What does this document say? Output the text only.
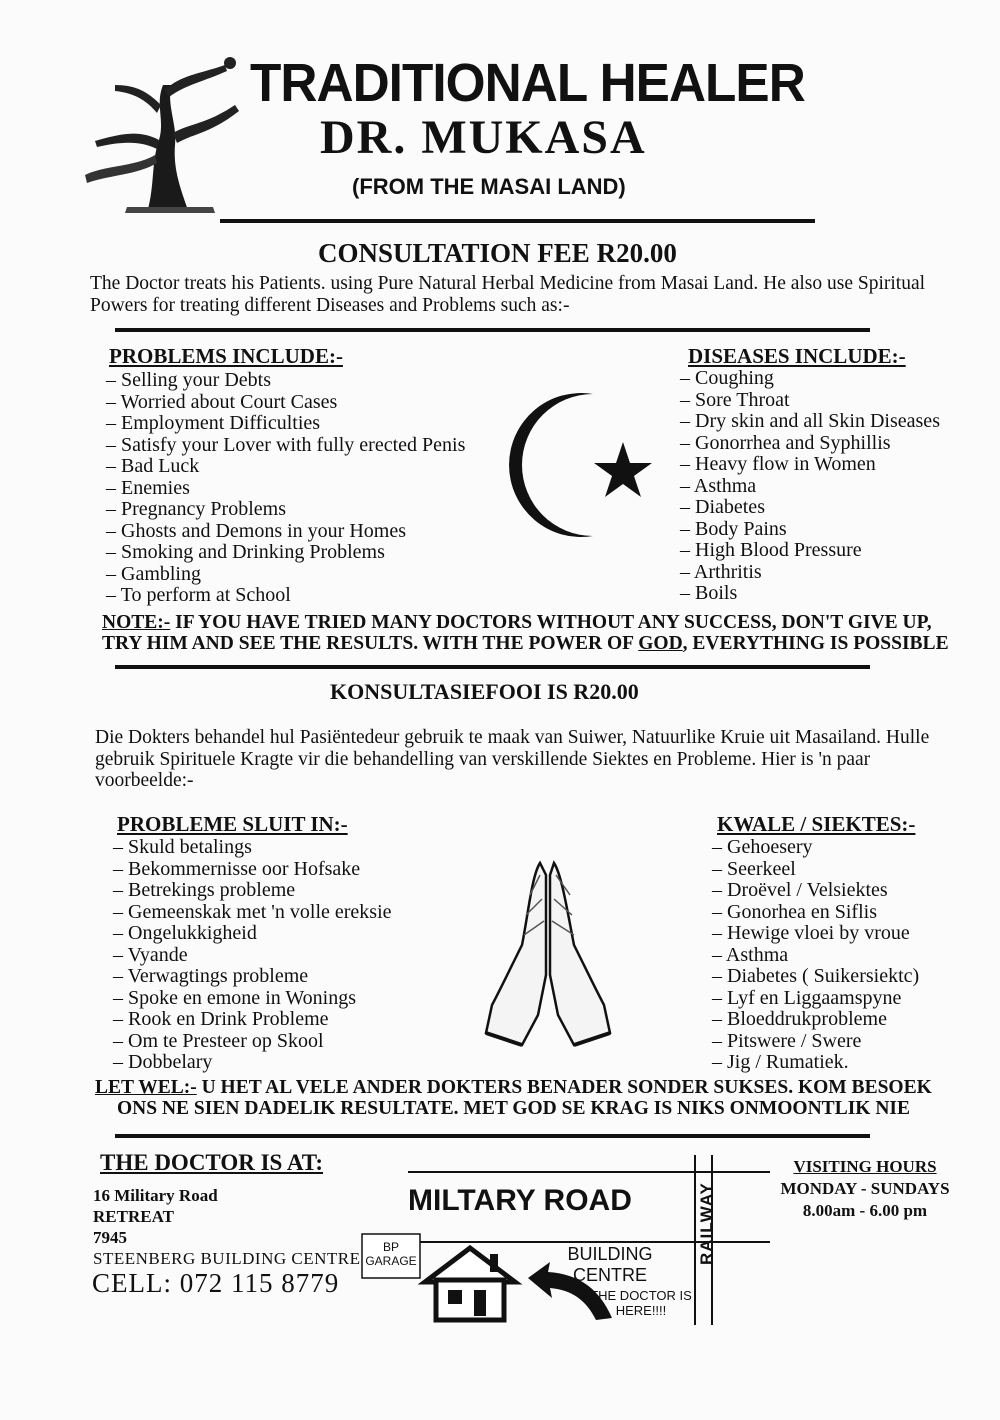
TRADITIONAL HEALER
DR. MUKASA
(FROM THE MASAI LAND)
CONSULTATION FEE R20.00
The Doctor treats his Patients. using Pure Natural Herbal Medicine from Masai Land. He also use Spiritual Powers for treating different Diseases and Problems such as:-
PROBLEMS INCLUDE:-
– Selling your Debts
– Worried about Court Cases
– Employment Difficulties
– Satisfy your Lover with fully erected Penis
– Bad Luck
– Enemies
– Pregnancy Problems
– Ghosts and Demons in your Homes
– Smoking and Drinking Problems
– Gambling
– To perform at School
DISEASES INCLUDE:-
– Coughing
– Sore Throat
– Dry skin and all Skin Diseases
– Gonorrhea and Syphillis
– Heavy flow in Women
– Asthma
– Diabetes
– Body Pains
– High Blood Pressure
– Arthritis
– Boils
NOTE:- IF YOU HAVE TRIED MANY DOCTORS WITHOUT ANY SUCCESS, DON'T GIVE UP,
TRY HIM AND SEE THE RESULTS. WITH THE POWER OF GOD, EVERYTHING IS POSSIBLE
KONSULTASIEFOOI IS R20.00
Die Dokters behandel hul Pasiëntedeur gebruik te maak van Suiwer, Natuurlike Kruie uit Masailand. Hulle gebruik Spirituele Kragte vir die behandelling van verskillende Siektes en Probleme. Hier is 'n paar voorbeelde:-
PROBLEME SLUIT IN:-
– Skuld betalings
– Bekommernisse oor Hofsake
– Betrekings probleme
– Gemeenskak met 'n volle ereksie
– Ongelukkigheid
– Vyande
– Verwagtings probleme
– Spoke en emone in Wonings
– Rook en Drink Probleme
– Om te Presteer op Skool
– Dobbelary
KWALE / SIEKTES:-
– Gehoesery
– Seerkeel
– Droëvel / Velsiektes
– Gonorhea en Siflis
– Hewige vloei by vroue
– Asthma
– Diabetes ( Suikersiektc)
– Lyf en Liggaamspyne
– Bloeddrukprobleme
– Pitswere / Swere
– Jig / Rumatiek.
LET WEL:- U HET AL VELE ANDER DOKTERS BENADER SONDER SUKSES. KOM BESOEK
ONS NE SIEN DADELIK RESULTATE. MET GOD SE KRAG IS NIKS ONMOONTLIK NIE
THE DOCTOR IS AT:
16 Military Road
RETREAT
7945
STEENBERG BUILDING CENTRE
CELL: 072 115 8779
MILTARY ROAD	RAILWAY
BP GARAGE	BUILDING CENTRE
THE DOCTOR IS HERE!!!!
VISITING HOURS
MONDAY - SUNDAYS
8.00am - 6.00 pm
